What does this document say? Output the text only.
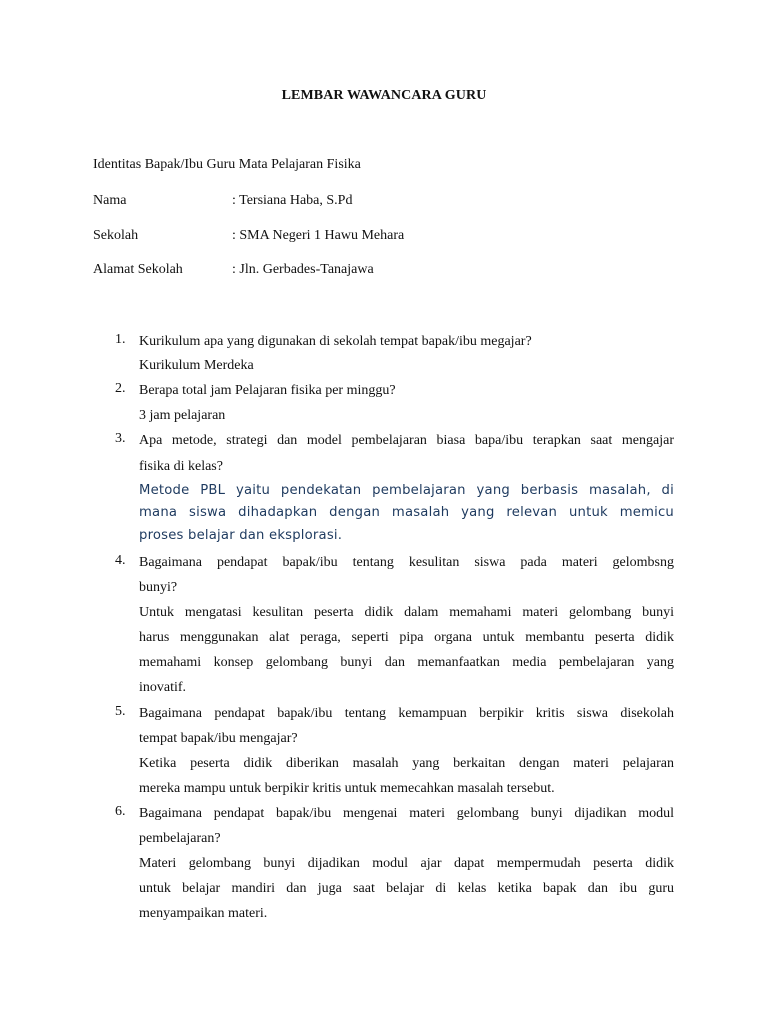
LEMBAR WAWANCARA GURU
Identitas Bapak/Ibu Guru Mata Pelajaran Fisika
Nama	: Tersiana Haba, S.Pd
Sekolah	: SMA Negeri 1 Hawu Mehara
Alamat Sekolah	: Jln. Gerbades-Tanajawa
1. Kurikulum apa yang digunakan di sekolah tempat bapak/ibu megajar?
Kurikulum Merdeka
2. Berapa total jam Pelajaran fisika per minggu?
3 jam pelajaran
3. Apa metode, strategi dan model pembelajaran biasa bapa/ibu terapkan saat mengajar
fisika di kelas?
Metode PBL yaitu pendekatan pembelajaran yang berbasis masalah, di
mana siswa dihadapkan dengan masalah yang relevan untuk memicu
proses belajar dan eksplorasi.
4. Bagaimana pendapat bapak/ibu tentang kesulitan siswa pada materi gelombsng
bunyi?
Untuk mengatasi kesulitan peserta didik dalam memahami materi gelombang bunyi
harus menggunakan alat peraga, seperti pipa organa untuk membantu peserta didik
memahami konsep gelombang bunyi dan memanfaatkan media pembelajaran yang
inovatif.
5. Bagaimana pendapat bapak/ibu tentang kemampuan berpikir kritis siswa disekolah
tempat bapak/ibu mengajar?
Ketika peserta didik diberikan masalah yang berkaitan dengan materi pelajaran
mereka mampu untuk berpikir kritis untuk memecahkan masalah tersebut.
6. Bagaimana pendapat bapak/ibu mengenai materi gelombang bunyi dijadikan modul
pembelajaran?
Materi gelombang bunyi dijadikan modul ajar dapat mempermudah peserta didik
untuk belajar mandiri dan juga saat belajar di kelas ketika bapak dan ibu guru
menyampaikan materi.
